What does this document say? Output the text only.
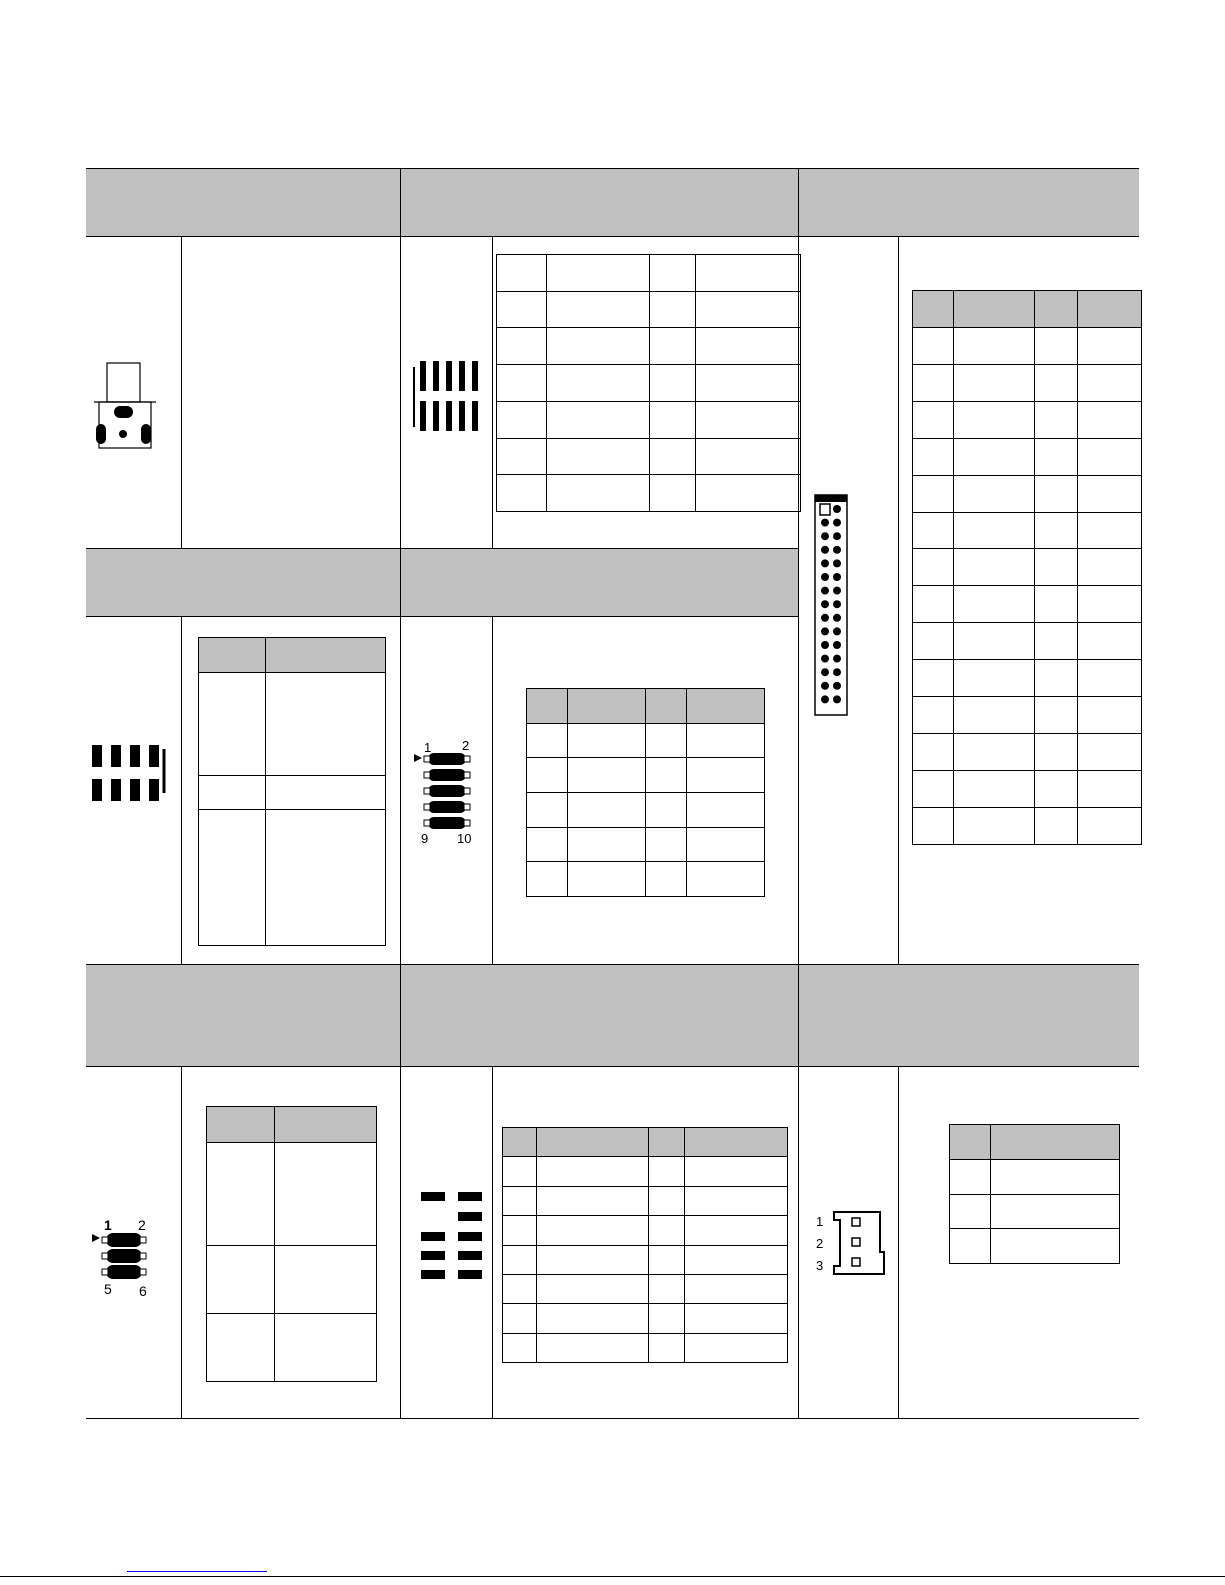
1 2
9 10
1 2
5 6
1
2
3
